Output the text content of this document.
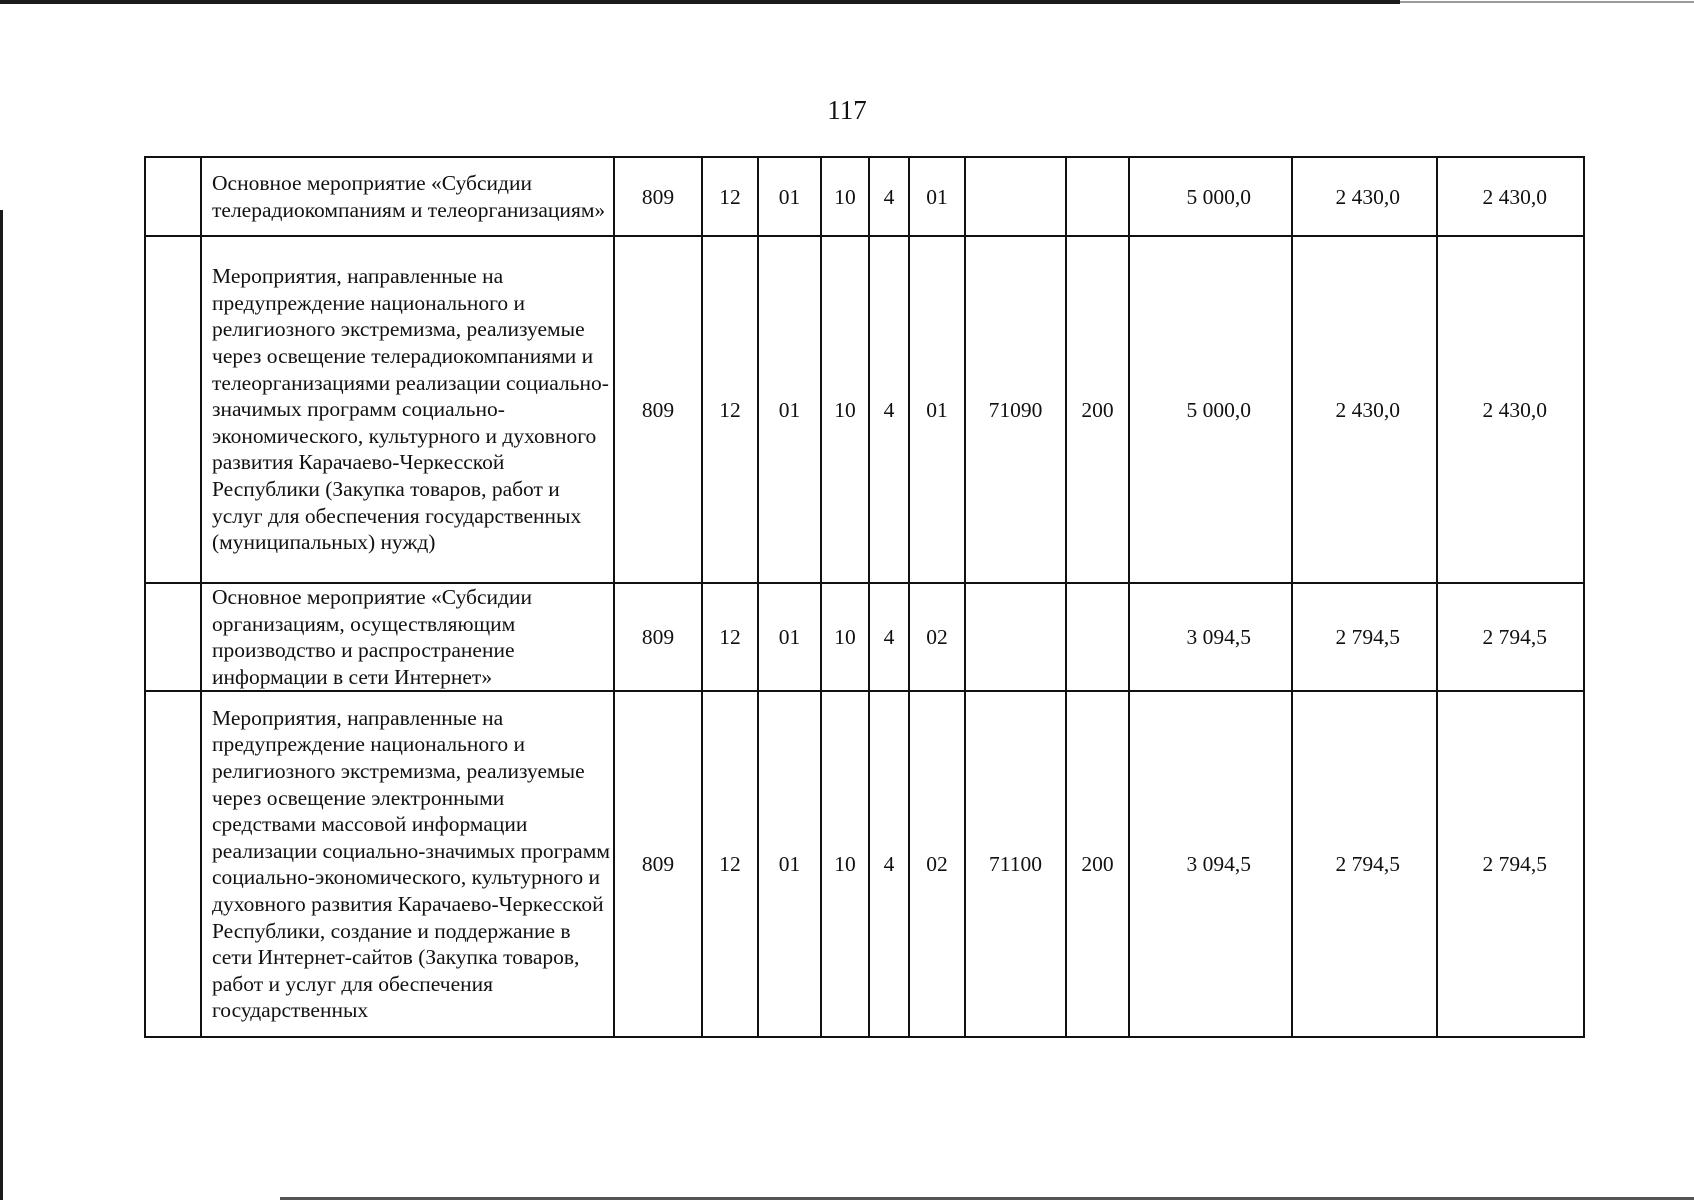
117
	Основное мероприятие «Субсидии телерадиокомпаниям и телеорганизациям»	809	12	01	10	4	01			5 000,0	2 430,0	2 430,0
	Мероприятия, направленные на предупреждение национального и религиозного экстремизма, реализуемые через освещение телерадиокомпаниями и телеорганизациями реализации социально-значимых программ социально-экономического, культурного и духовного развития Карачаево-Черкесской Республики (Закупка товаров, работ и услуг для обеспечения государственных (муниципальных) нужд)	809	12	01	10	4	01	71090	200	5 000,0	2 430,0	2 430,0
	Основное мероприятие «Субсидии организациям, осуществляющим производство и распространение информации в сети Интернет»	809	12	01	10	4	02			3 094,5	2 794,5	2 794,5
	Мероприятия, направленные на предупреждение национального и религиозного экстремизма, реализуемые через освещение электронными средствами массовой информации реализации социально-значимых программ социально-экономического, культурного и духовного развития Карачаево-Черкесской Республики, создание и поддержание в сети Интернет-сайтов (Закупка товаров, работ и услуг для обеспечения государственных	809	12	01	10	4	02	71100	200	3 094,5	2 794,5	2 794,5
